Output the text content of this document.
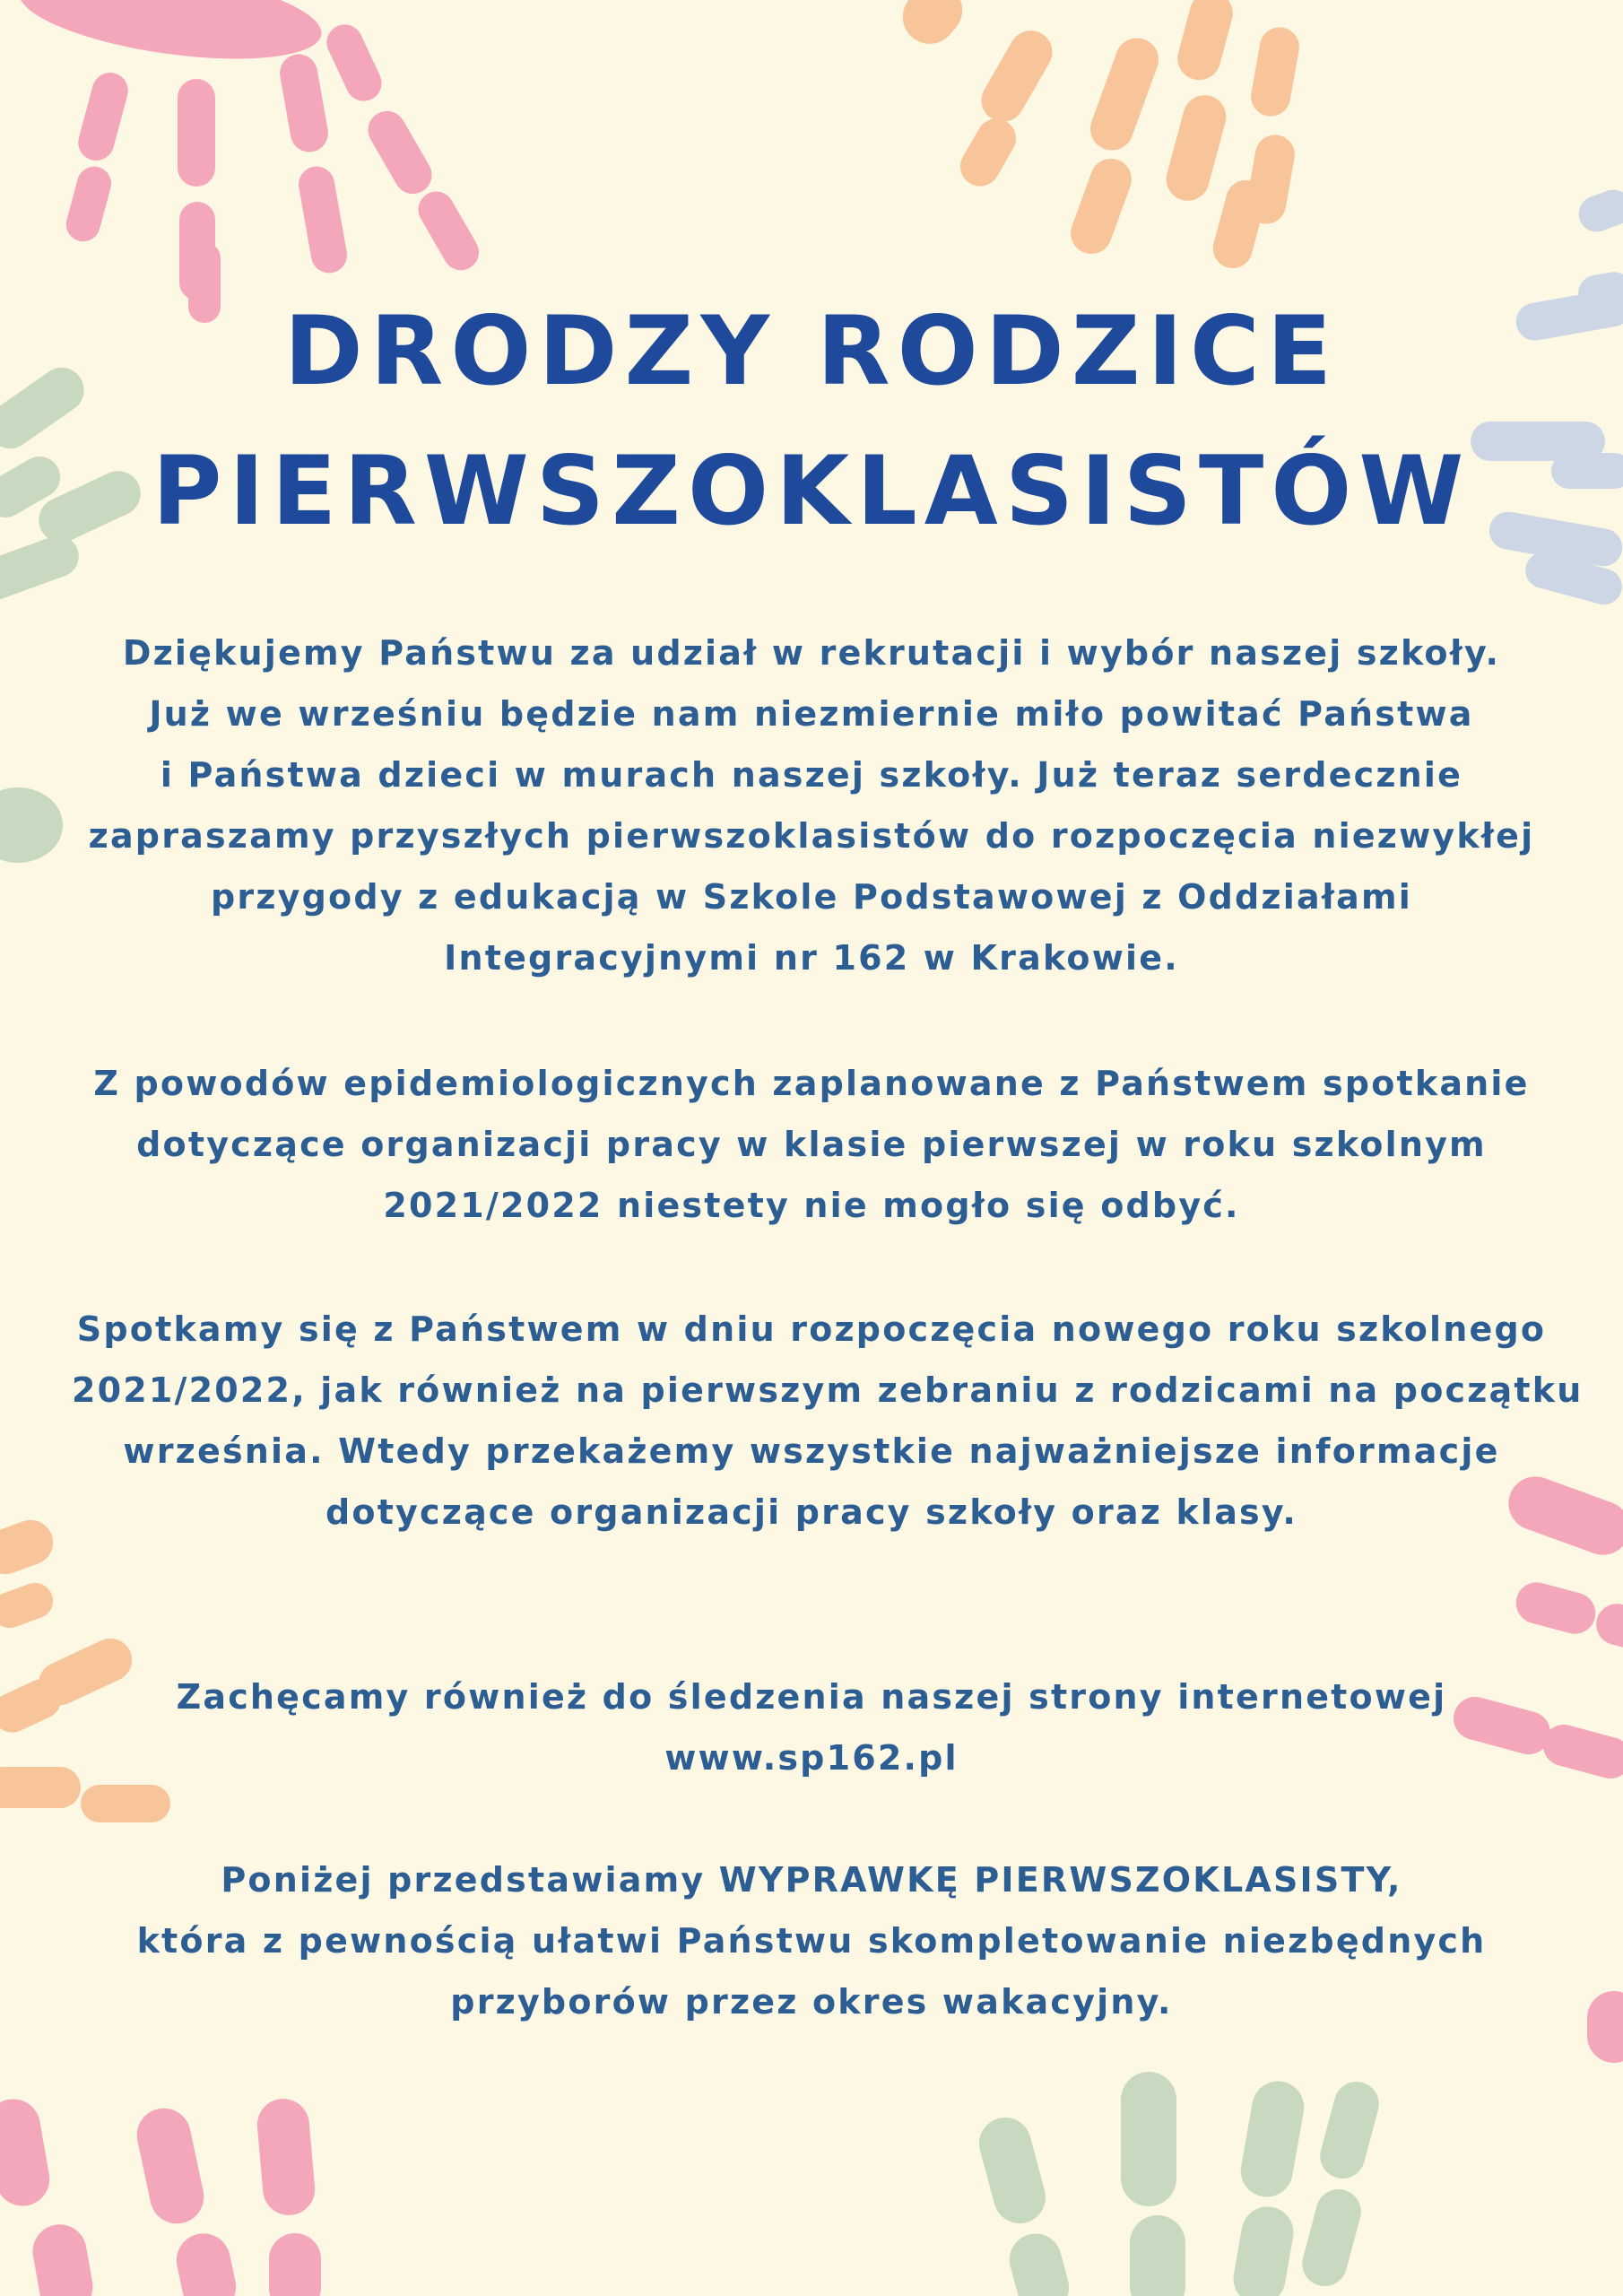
DRODZY RODZICE
PIERWSZOKLASISTÓW

Dziękujemy Państwu za udział w rekrutacji i wybór naszej szkoły.
Już we wrześniu będzie nam niezmiernie miło powitać Państwa
i Państwa dzieci w murach naszej szkoły. Już teraz serdecznie
zapraszamy przyszłych pierwszoklasistów do rozpoczęcia niezwykłej
przygody z edukacją w Szkole Podstawowej z Oddziałami
Integracyjnymi nr 162 w Krakowie.

Z powodów epidemiologicznych zaplanowane z Państwem spotkanie
dotyczące organizacji pracy w klasie pierwszej w roku szkolnym
2021/2022 niestety nie mogło się odbyć.

Spotkamy się z Państwem w dniu rozpoczęcia nowego roku szkolnego
2021/2022, jak również na pierwszym zebraniu z rodzicami na początku
września. Wtedy przekażemy wszystkie najważniejsze informacje
dotyczące organizacji pracy szkoły oraz klasy.

Zachęcamy również do śledzenia naszej strony internetowej
www.sp162.pl

Poniżej przedstawiamy WYPRAWKĘ PIERWSZOKLASISTY,
która z pewnością ułatwi Państwu skompletowanie niezbędnych
przyborów przez okres wakacyjny.
